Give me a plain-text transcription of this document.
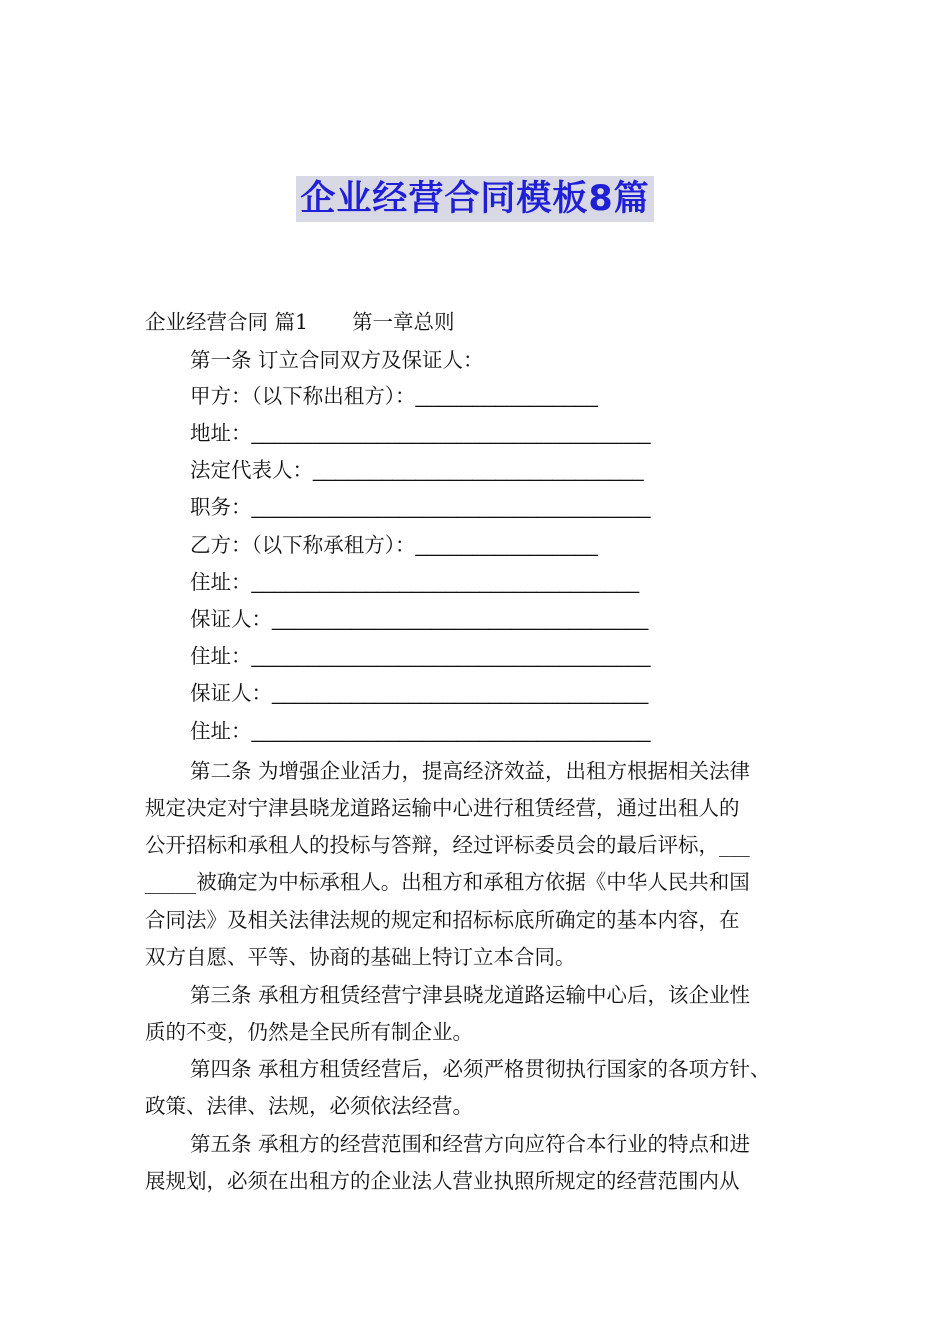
企业经营合同模板8篇
企业经营合同 篇1 第一章总则
第一条 订立合同双方及保证人：
甲方：（以下称出租方）：________________
地址：___________________________________
法定代表人：_____________________________
职务：___________________________________
乙方：（以下称承租方）：________________
住址：__________________________________
保证人：_________________________________
住址：___________________________________
保证人：_________________________________
住址：___________________________________
第二条 为增强企业活力，提高经济效益，出租方根据相关法律
规定决定对宁津县晓龙道路运输中心进行租赁经营，通过出租人的
公开招标和承租人的投标与答辩，经过评标委员会的最后评标，___
_____被确定为中标承租人。出租方和承租方依据《中华人民共和国
合同法》及相关法律法规的规定和招标标底所确定的基本内容，在
双方自愿、平等、协商的基础上特订立本合同。
第三条 承租方租赁经营宁津县晓龙道路运输中心后，该企业性
质的不变，仍然是全民所有制企业。
第四条 承租方租赁经营后，必须严格贯彻执行国家的各项方针、
政策、法律、法规，必须依法经营。
第五条 承租方的经营范围和经营方向应符合本行业的特点和进
展规划，必须在出租方的企业法人营业执照所规定的经营范围内从
